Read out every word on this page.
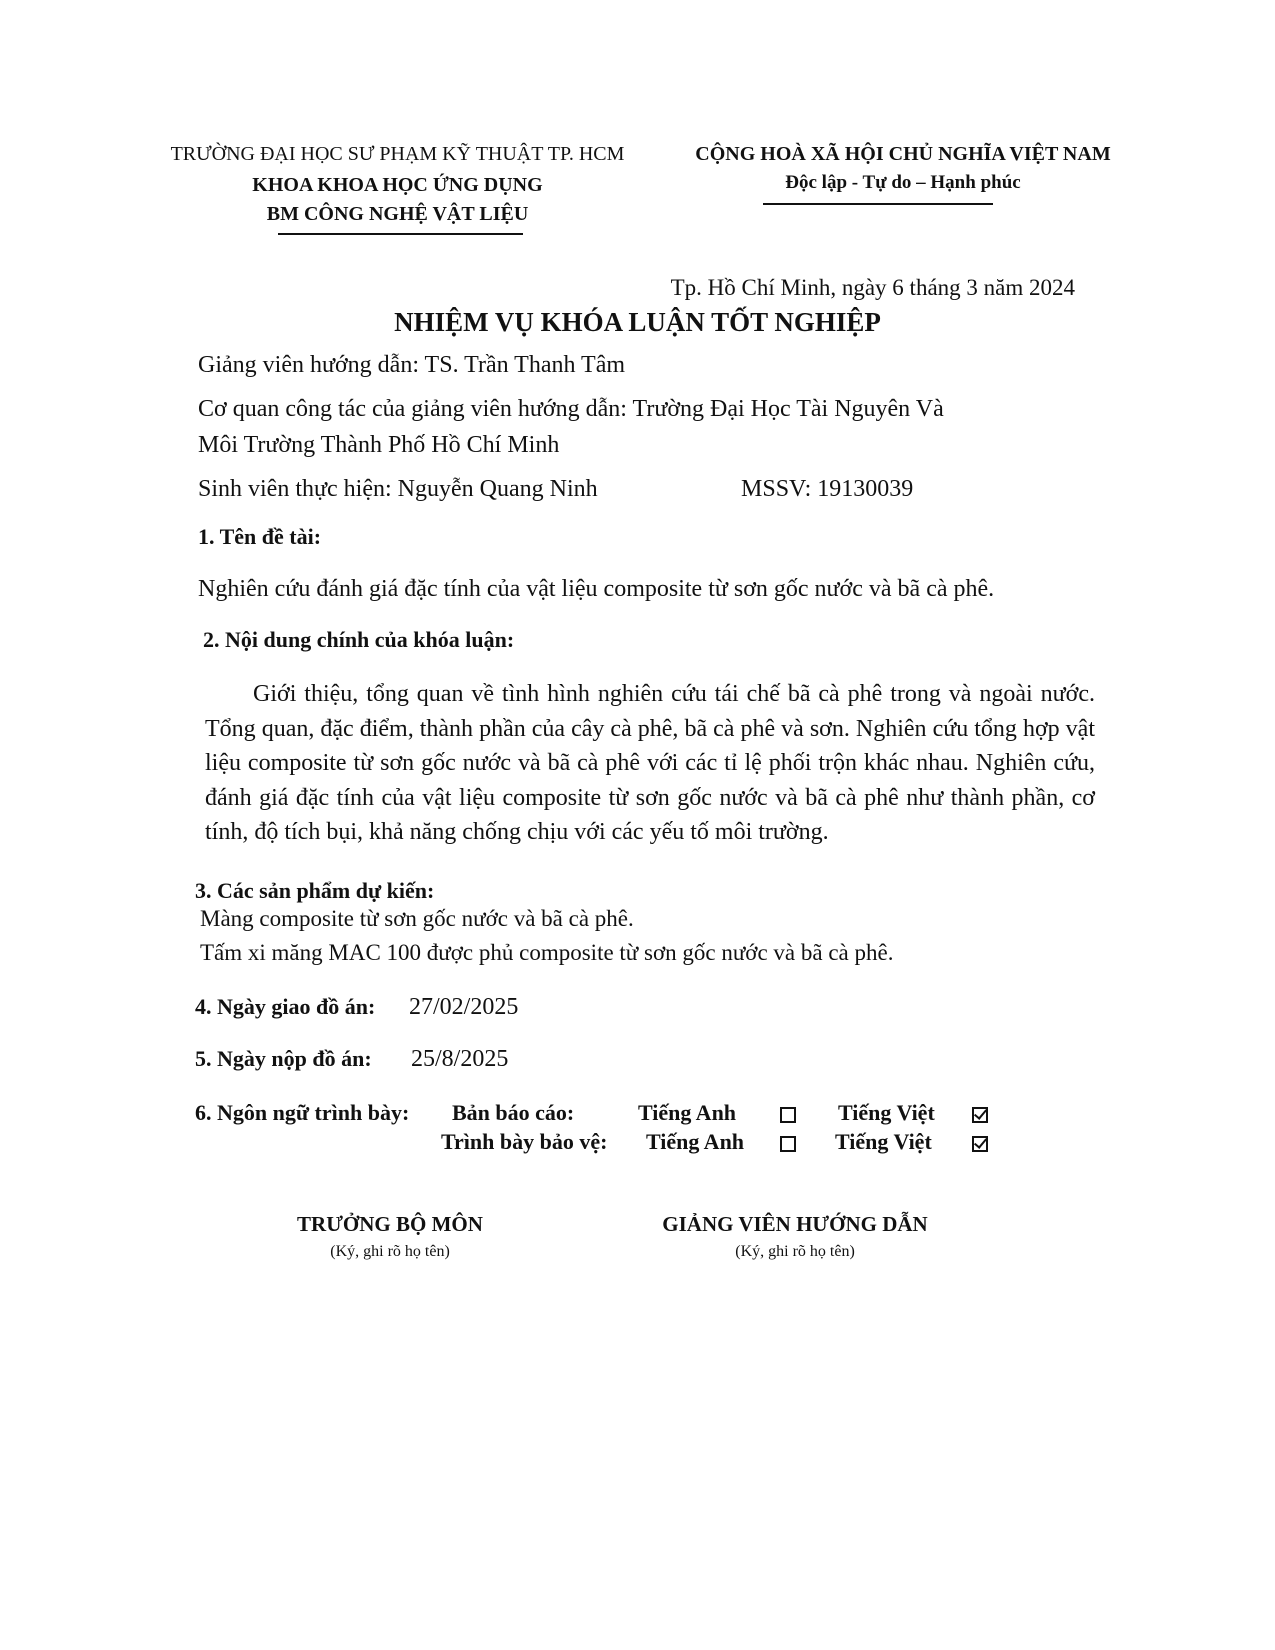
TRƯỜNG ĐẠI HỌC SƯ PHẠM KỸ THUẬT TP. HCM
KHOA KHOA HỌC ỨNG DỤNG
BM CÔNG NGHỆ VẬT LIỆU
CỘNG HOÀ XÃ HỘI CHỦ NGHĨA VIỆT NAM
Độc lập - Tự do – Hạnh phúc
Tp. Hồ Chí Minh, ngày 6 tháng 3 năm 2024
NHIỆM VỤ KHÓA LUẬN TỐT NGHIỆP
Giảng viên hướng dẫn: TS. Trần Thanh Tâm
Cơ quan công tác của giảng viên hướng dẫn: Trường Đại Học Tài Nguyên Và
Môi Trường Thành Phố Hồ Chí Minh
Sinh viên thực hiện: Nguyễn Quang Ninh	MSSV: 19130039
1. Tên đề tài:
Nghiên cứu đánh giá đặc tính của vật liệu composite từ sơn gốc nước và bã cà phê.
2. Nội dung chính của khóa luận:
Giới thiệu, tổng quan về tình hình nghiên cứu tái chế bã cà phê trong và ngoài nước. Tổng quan, đặc điểm, thành phần của cây cà phê, bã cà phê và sơn. Nghiên cứu tổng hợp vật liệu composite từ sơn gốc nước và bã cà phê với các tỉ lệ phối trộn khác nhau. Nghiên cứu, đánh giá đặc tính của vật liệu composite từ sơn gốc nước và bã cà phê như thành phần, cơ tính, độ tích bụi, khả năng chống chịu với các yếu tố môi trường.
3. Các sản phẩm dự kiến:
Màng composite từ sơn gốc nước và bã cà phê.
Tấm xi măng MAC 100 được phủ composite từ sơn gốc nước và bã cà phê.
4. Ngày giao đồ án: 27/02/2025
5. Ngày nộp đồ án: 25/8/2025
6. Ngôn ngữ trình bày: Bản báo cáo:	Tiếng Anh	Tiếng Việt
Trình bày bảo vệ: Tiếng Anh	Tiếng Việt
TRƯỞNG BỘ MÔN
(Ký, ghi rõ họ tên)
GIẢNG VIÊN HƯỚNG DẪN
(Ký, ghi rõ họ tên)
